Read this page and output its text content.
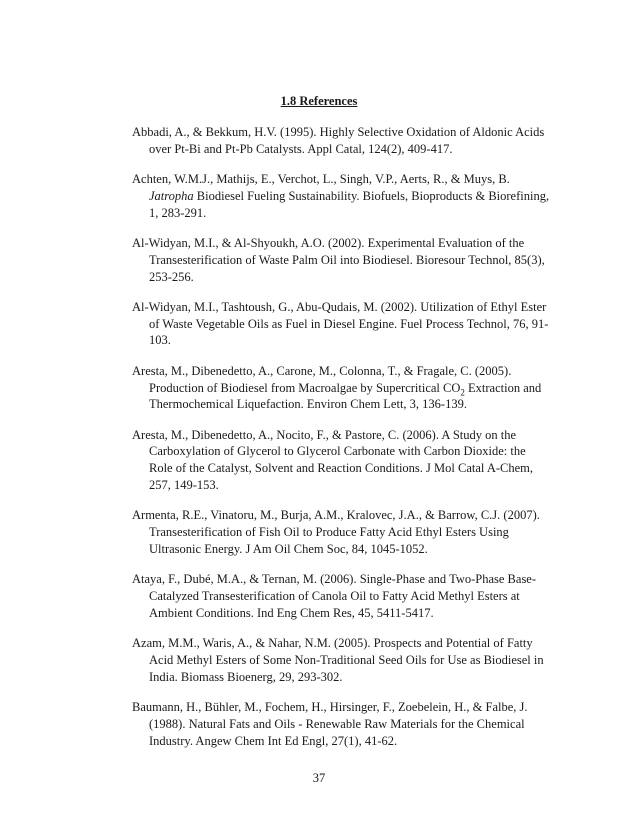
1.8 References
Abbadi, A., & Bekkum, H.V. (1995). Highly Selective Oxidation of Aldonic Acids over Pt-Bi and Pt-Pb Catalysts. Appl Catal, 124(2), 409-417.
Achten, W.M.J., Mathijs, E., Verchot, L., Singh, V.P., Aerts, R., & Muys, B. Jatropha Biodiesel Fueling Sustainability. Biofuels, Bioproducts & Biorefining, 1, 283-291.
Al-Widyan, M.I., & Al-Shyoukh, A.O. (2002). Experimental Evaluation of the Transesterification of Waste Palm Oil into Biodiesel. Bioresour Technol, 85(3), 253-256.
Al-Widyan, M.I., Tashtoush, G., Abu-Qudais, M. (2002). Utilization of Ethyl Ester of Waste Vegetable Oils as Fuel in Diesel Engine. Fuel Process Technol, 76, 91-103.
Aresta, M., Dibenedetto, A., Carone, M., Colonna, T., & Fragale, C. (2005). Production of Biodiesel from Macroalgae by Supercritical $CO_2$ Extraction and Thermochemical Liquefaction. Environ Chem Lett, 3, 136-139.
Aresta, M., Dibenedetto, A., Nocito, F., & Pastore, C. (2006). A Study on the Carboxylation of Glycerol to Glycerol Carbonate with Carbon Dioxide: the Role of the Catalyst, Solvent and Reaction Conditions. J Mol Catal A-Chem, 257, 149-153.
Armenta, R.E., Vinatoru, M., Burja, A.M., Kralovec, J.A., & Barrow, C.J. (2007). Transesterification of Fish Oil to Produce Fatty Acid Ethyl Esters Using Ultrasonic Energy. J Am Oil Chem Soc, 84, 1045-1052.
Ataya, F., Dubé, M.A., & Ternan, M. (2006). Single-Phase and Two-Phase Base-Catalyzed Transesterification of Canola Oil to Fatty Acid Methyl Esters at Ambient Conditions. Ind Eng Chem Res, 45, 5411-5417.
Azam, M.M., Waris, A., & Nahar, N.M. (2005). Prospects and Potential of Fatty Acid Methyl Esters of Some Non-Traditional Seed Oils for Use as Biodiesel in India. Biomass Bioenerg, 29, 293-302.
Baumann, H., Bühler, M., Fochem, H., Hirsinger, F., Zoebelein, H., & Falbe, J. (1988). Natural Fats and Oils - Renewable Raw Materials for the Chemical Industry. Angew Chem Int Ed Engl, 27(1), 41-62.
37
